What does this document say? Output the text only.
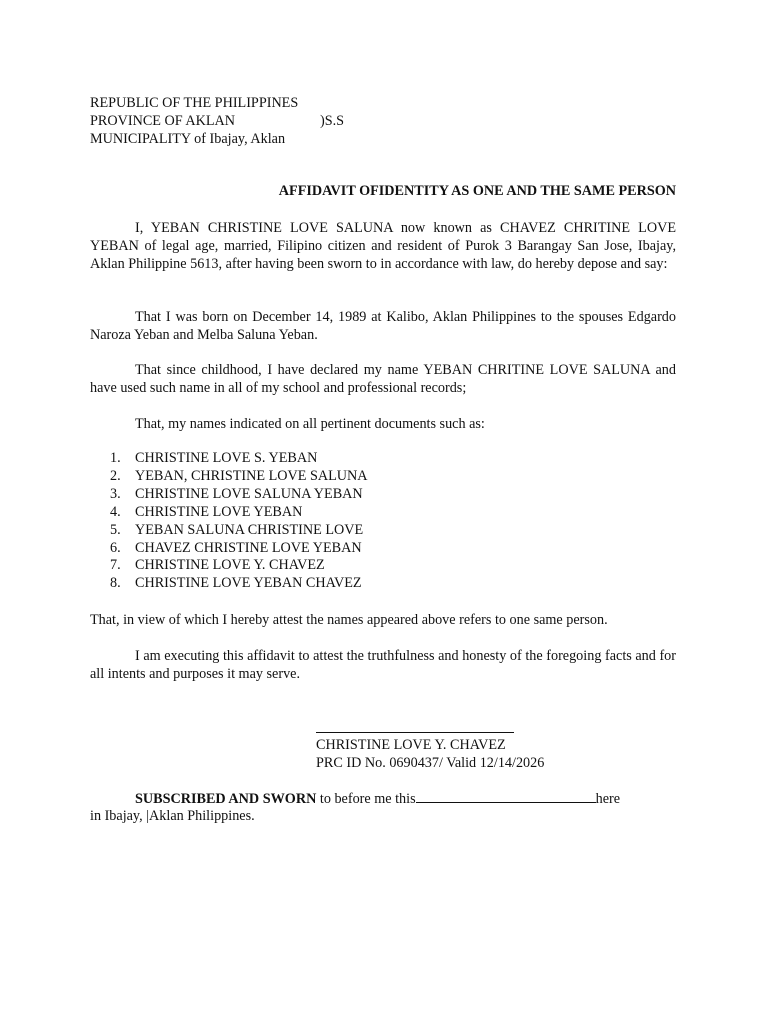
REPUBLIC OF THE PHILIPPINES
PROVINCE OF AKLAN	)S.S
MUNICIPALITY of Ibajay, Aklan
AFFIDAVIT OFIDENTITY AS ONE AND THE SAME PERSON
I, YEBAN CHRISTINE LOVE SALUNA now known as CHAVEZ CHRITINE LOVE YEBAN of legal age, married, Filipino citizen and resident of Purok 3 Barangay San Jose, Ibajay, Aklan Philippine 5613, after having been sworn to in accordance with law, do hereby depose and say:
That I was born on December 14, 1989 at Kalibo, Aklan Philippines to the spouses Edgardo Naroza Yeban and Melba Saluna Yeban.
That since childhood, I have declared my name YEBAN CHRITINE LOVE SALUNA and have used such name in all of my school and professional records;
That, my names indicated on all pertinent documents such as:
1.	CHRISTINE LOVE S. YEBAN
2.	YEBAN, CHRISTINE LOVE SALUNA
3.	CHRISTINE LOVE SALUNA YEBAN
4.	CHRISTINE LOVE YEBAN
5.	YEBAN SALUNA CHRISTINE LOVE
6.	CHAVEZ CHRISTINE LOVE YEBAN
7.	CHRISTINE LOVE Y. CHAVEZ
8.	CHRISTINE LOVE YEBAN CHAVEZ
That, in view of which I hereby attest the names appeared above refers to one same person.
I am executing this affidavit to attest the truthfulness and honesty of the foregoing facts and for all intents and purposes it may serve.
CHRISTINE LOVE Y. CHAVEZ
PRC ID No. 0690437/ Valid 12/14/2026
SUBSCRIBED AND SWORN to before me this	here
in Ibajay, |Aklan Philippines.
